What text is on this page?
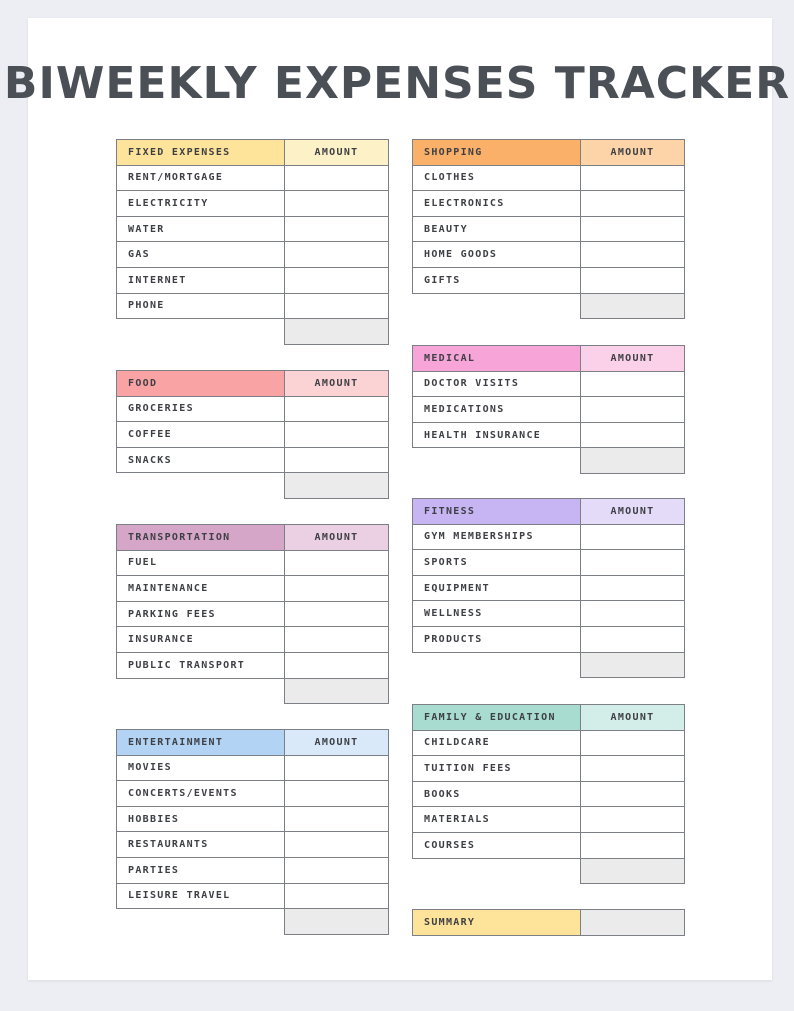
BIWEEKLY EXPENSES TRACKER
FIXED EXPENSES	AMOUNT
RENT/MORTGAGE	
ELECTRICITY	
WATER	
GAS	
INTERNET	
PHONE	

FOOD	AMOUNT
GROCERIES	
COFFEE	
SNACKS	

TRANSPORTATION	AMOUNT
FUEL	
MAINTENANCE	
PARKING FEES	
INSURANCE	
PUBLIC TRANSPORT	

ENTERTAINMENT	AMOUNT
MOVIES	
CONCERTS/EVENTS	
HOBBIES	
RESTAURANTS	
PARTIES	
LEISURE TRAVEL	

SHOPPING	AMOUNT
CLOTHES	
ELECTRONICS	
BEAUTY	
HOME GOODS	
GIFTS	

MEDICAL	AMOUNT
DOCTOR VISITS	
MEDICATIONS	
HEALTH INSURANCE	

FITNESS	AMOUNT
GYM MEMBERSHIPS	
SPORTS	
EQUIPMENT	
WELLNESS	
PRODUCTS	

FAMILY & EDUCATION	AMOUNT
CHILDCARE	
TUITION FEES	
BOOKS	
MATERIALS	
COURSES	

SUMMARY	
